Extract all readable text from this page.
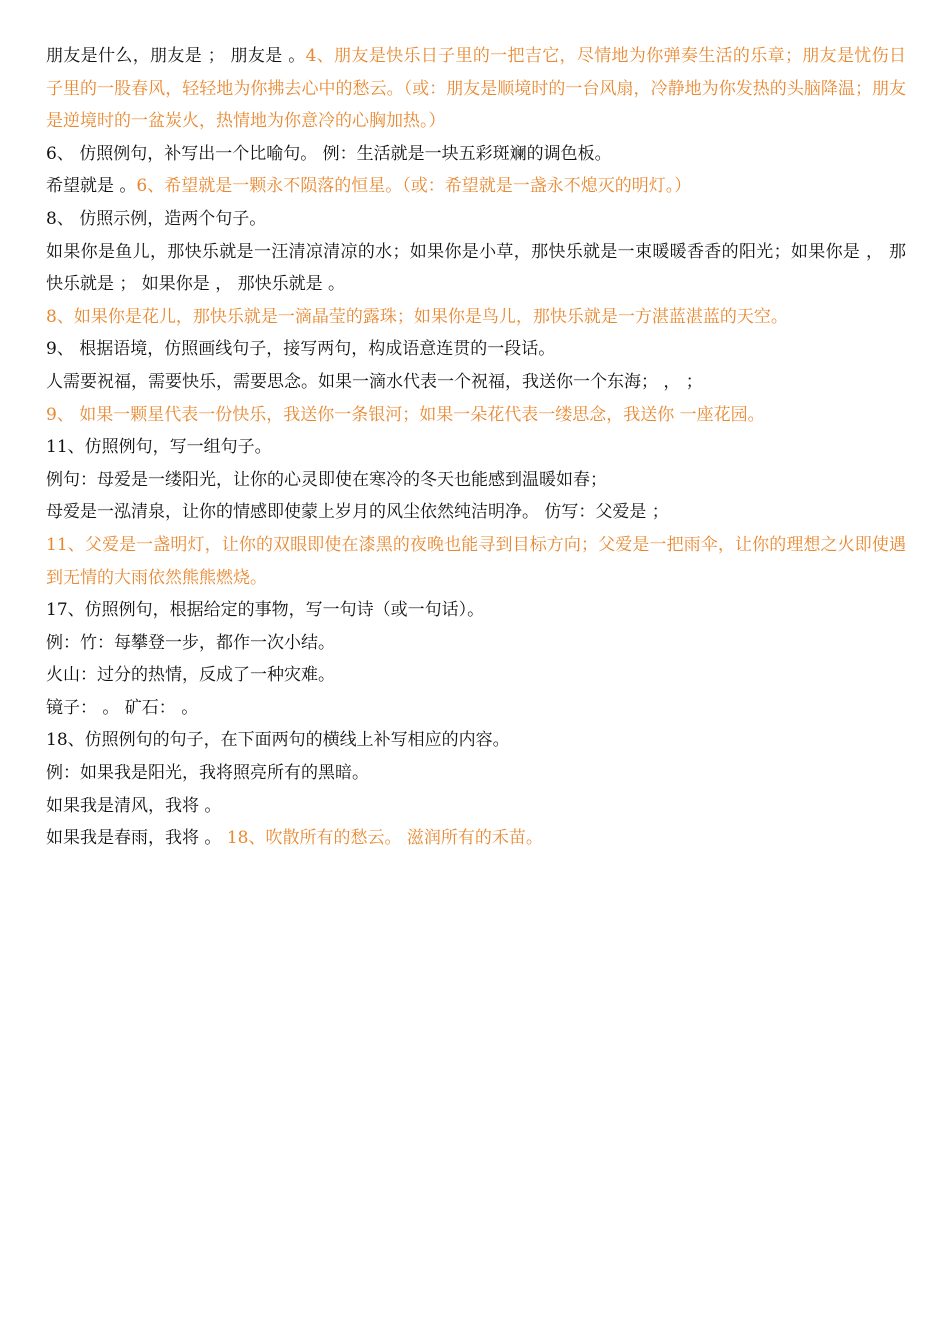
朋友是什么，朋友是 ； 朋友是 。4、朋友是快乐日子里的一把吉它，尽情地为你弹奏生活的乐章；朋友是忧伤日子里的一股春风，轻轻地为你拂去心中的愁云。（或：朋友是顺境时的一台风扇，冷静地为你发热的头脑降温；朋友是逆境时的一盆炭火，热情地为你意冷的心胸加热。）
6、 仿照例句，补写出一个比喻句。 例：生活就是一块五彩斑斓的调色板。
希望就是 。6、希望就是一颗永不陨落的恒星。（或：希望就是一盏永不熄灭的明灯。）
8、 仿照示例，造两个句子。
如果你是鱼儿，那快乐就是一汪清凉清凉的水；如果你是小草，那快乐就是一束暖暖香香的阳光；如果你是 ， 那快乐就是 ； 如果你是 ， 那快乐就是 。
8、如果你是花儿，那快乐就是一滴晶莹的露珠；如果你是鸟儿，那快乐就是一方湛蓝湛蓝的天空。
9、 根据语境，仿照画线句子，接写两句，构成语意连贯的一段话。
人需要祝福，需要快乐，需要思念。如果一滴水代表一个祝福，我送你一个东海； ， ；
9、 如果一颗星代表一份快乐，我送你一条银河；如果一朵花代表一缕思念，我送你 一座花园。
11、仿照例句，写一组句子。
例句：母爱是一缕阳光，让你的心灵即使在寒冷的冬天也能感到温暖如春；
母爱是一泓清泉，让你的情感即使蒙上岁月的风尘依然纯洁明净。 仿写：父爱是 ；
11、父爱是一盏明灯，让你的双眼即使在漆黑的夜晚也能寻到目标方向；父爱是一把雨伞，让你的理想之火即使遇到无情的大雨依然熊熊燃烧。
17、仿照例句，根据给定的事物，写一句诗（或一句话）。
例：竹：每攀登一步，都作一次小结。
火山：过分的热情，反成了一种灾难。
镜子： 。 矿石： 。
18、仿照例句的句子，在下面两句的横线上补写相应的内容。
例：如果我是阳光，我将照亮所有的黑暗。
如果我是清风，我将 。
如果我是春雨，我将 。 18、吹散所有的愁云。 滋润所有的禾苗。
